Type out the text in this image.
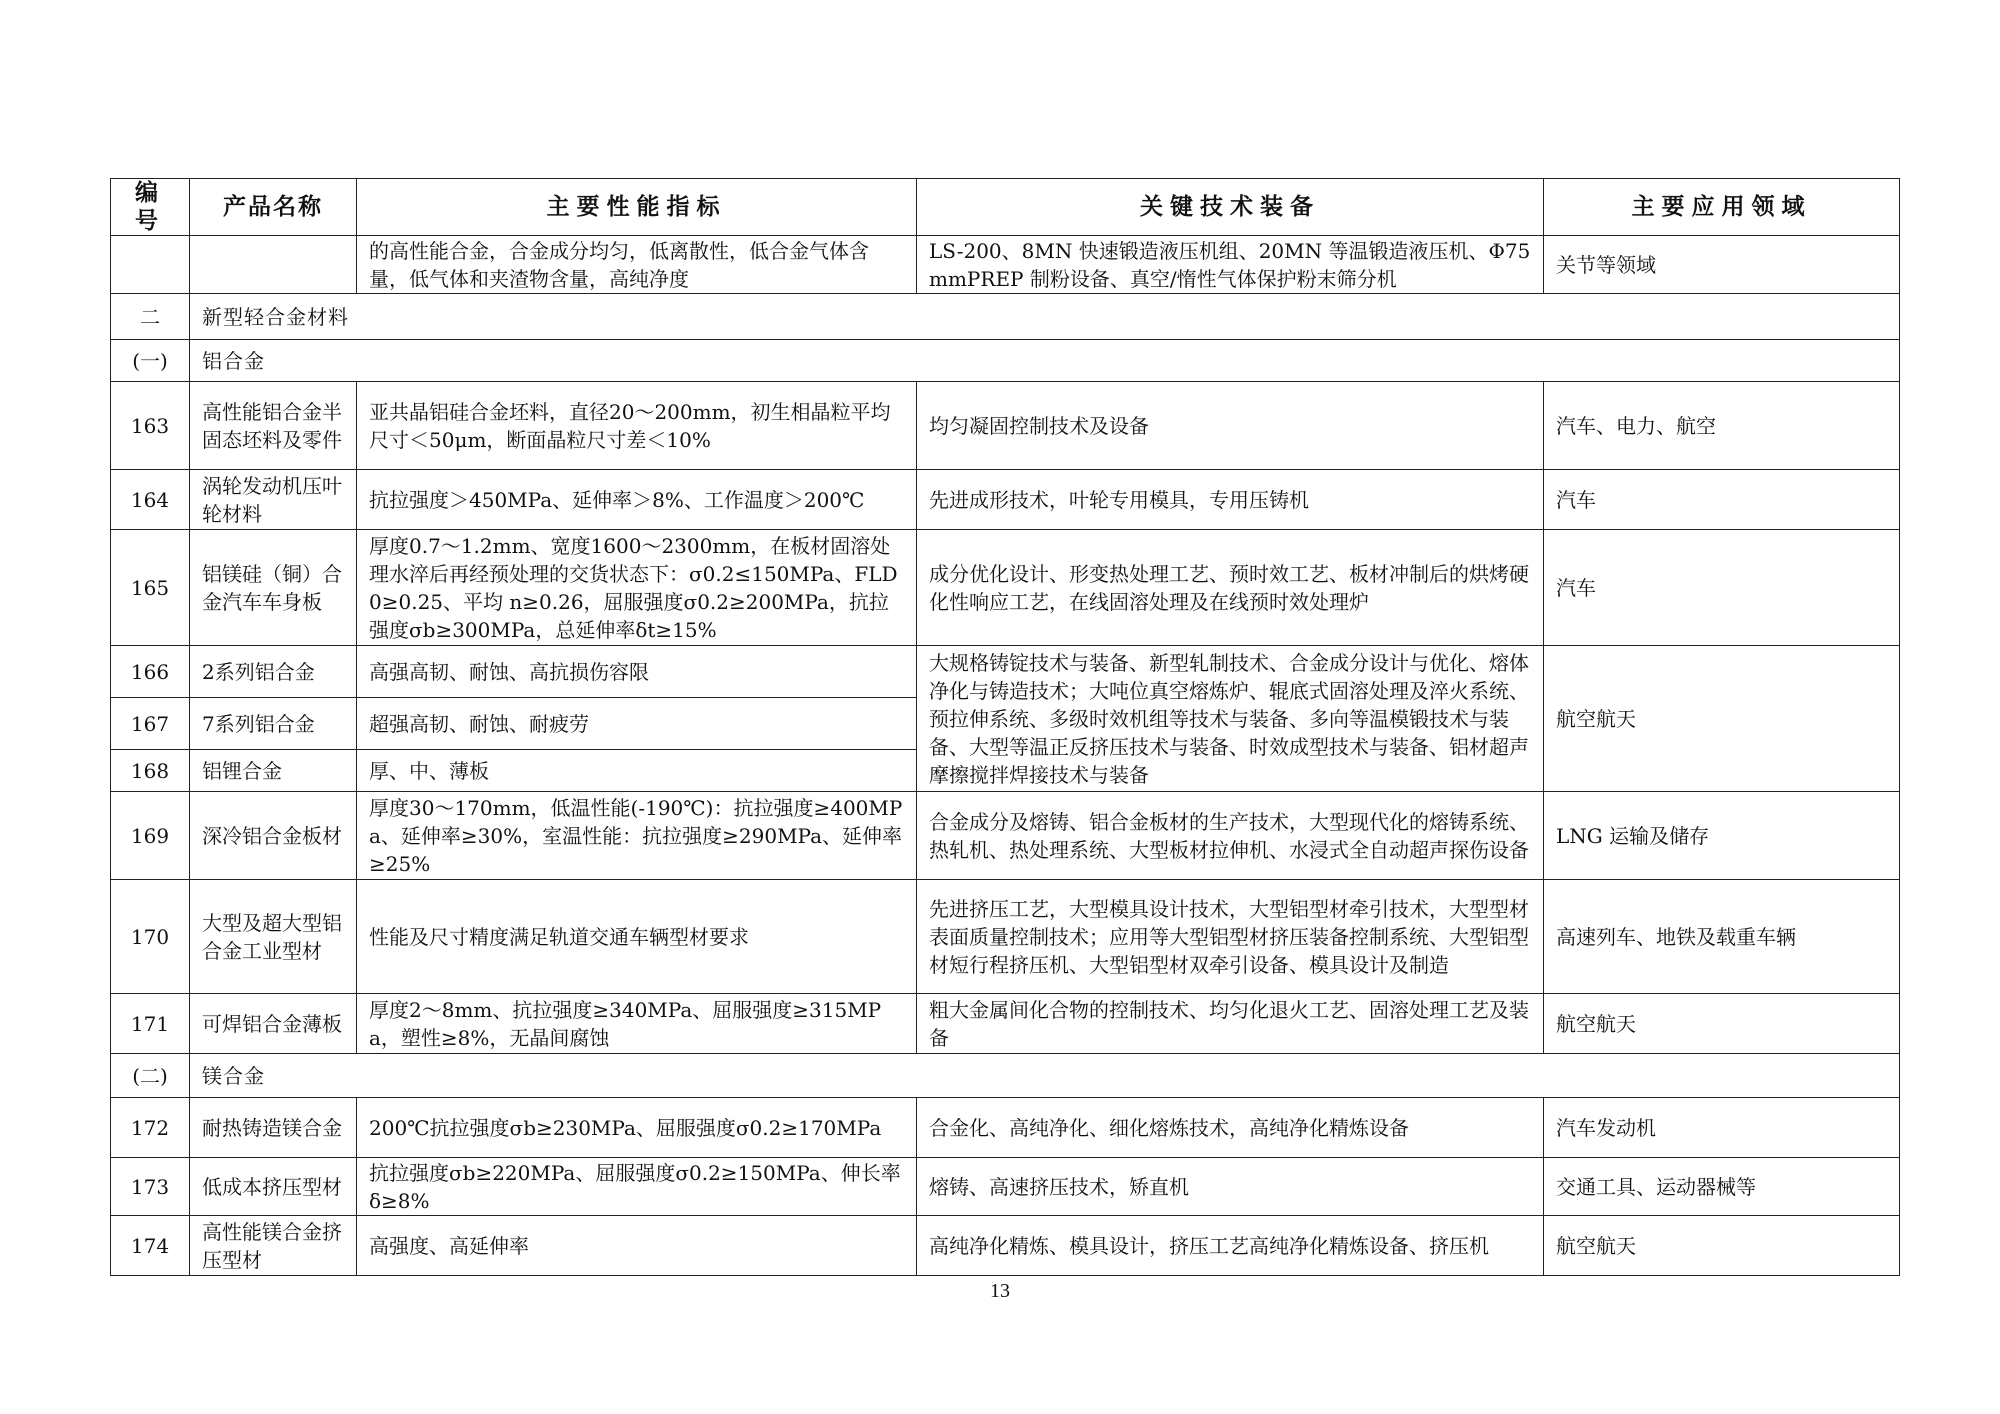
编号	产品名称	主要性能指标	关键技术装备	主要应用领域
		的高性能合金，合金成分均匀，低离散性，低合金气体含量，低气体和夹渣物含量，高纯净度	LS-200、8MN 快速锻造液压机组、20MN 等温锻造液压机、Φ75mmPREP 制粉设备、真空/惰性气体保护粉末筛分机	关节等领域
二	新型轻合金材料			
(一)	铝合金			
163	高性能铝合金半固态坯料及零件	亚共晶铝硅合金坯料，直径20～200mm，初生相晶粒平均尺寸＜50μm，断面晶粒尺寸差＜10%	均匀凝固控制技术及设备	汽车、电力、航空
164	涡轮发动机压叶轮材料	抗拉强度＞450MPa、延伸率＞8%、工作温度＞200℃	先进成形技术，叶轮专用模具，专用压铸机	汽车
165	铝镁硅（铜）合金汽车车身板	厚度0.7～1.2mm、宽度1600～2300mm，在板材固溶处理水淬后再经预处理的交货状态下：σ0.2≤150MPa、FLD0≥0.25、平均 n≥0.26，屈服强度σ0.2≥200MPa，抗拉强度σb≥300MPa，总延伸率δt≥15%	成分优化设计、形变热处理工艺、预时效工艺、板材冲制后的烘烤硬化性响应工艺，在线固溶处理及在线预时效处理炉	汽车
166	2系列铝合金	高强高韧、耐蚀、高抗损伤容限	大规格铸锭技术与装备、新型轧制技术、合金成分设计与优化、熔体净化与铸造技术；大吨位真空熔炼炉、辊底式固溶处理及淬火系统、预拉伸系统、多级时效机组等技术与装备、多向等温模锻技术与装备、大型等温正反挤压技术与装备、时效成型技术与装备、铝材超声摩擦搅拌焊接技术与装备	航空航天
167	7系列铝合金	超强高韧、耐蚀、耐疲劳		
168	铝锂合金	厚、中、薄板		
169	深冷铝合金板材	厚度30～170mm，低温性能(-190℃)：抗拉强度≥400MPa、延伸率≥30%，室温性能：抗拉强度≥290MPa、延伸率≥25%	合金成分及熔铸、铝合金板材的生产技术，大型现代化的熔铸系统、热轧机、热处理系统、大型板材拉伸机、水浸式全自动超声探伤设备	LNG 运输及储存
170	大型及超大型铝合金工业型材	性能及尺寸精度满足轨道交通车辆型材要求	先进挤压工艺，大型模具设计技术，大型铝型材牵引技术，大型型材表面质量控制技术；应用等大型铝型材挤压装备控制系统、大型铝型材短行程挤压机、大型铝型材双牵引设备、模具设计及制造	高速列车、地铁及载重车辆
171	可焊铝合金薄板	厚度2～8mm、抗拉强度≥340MPa、屈服强度≥315MPa，塑性≥8%，无晶间腐蚀	粗大金属间化合物的控制技术、均匀化退火工艺、固溶处理工艺及装备	航空航天
(二)	镁合金			
172	耐热铸造镁合金	200℃抗拉强度σb≥230MPa、屈服强度σ0.2≥170MPa	合金化、高纯净化、细化熔炼技术，高纯净化精炼设备	汽车发动机
173	低成本挤压型材	抗拉强度σb≥220MPa、屈服强度σ0.2≥150MPa、伸长率δ≥8%	熔铸、高速挤压技术，矫直机	交通工具、运动器械等
174	高性能镁合金挤压型材	高强度、高延伸率	高纯净化精炼、模具设计，挤压工艺高纯净化精炼设备、挤压机	航空航天
13
